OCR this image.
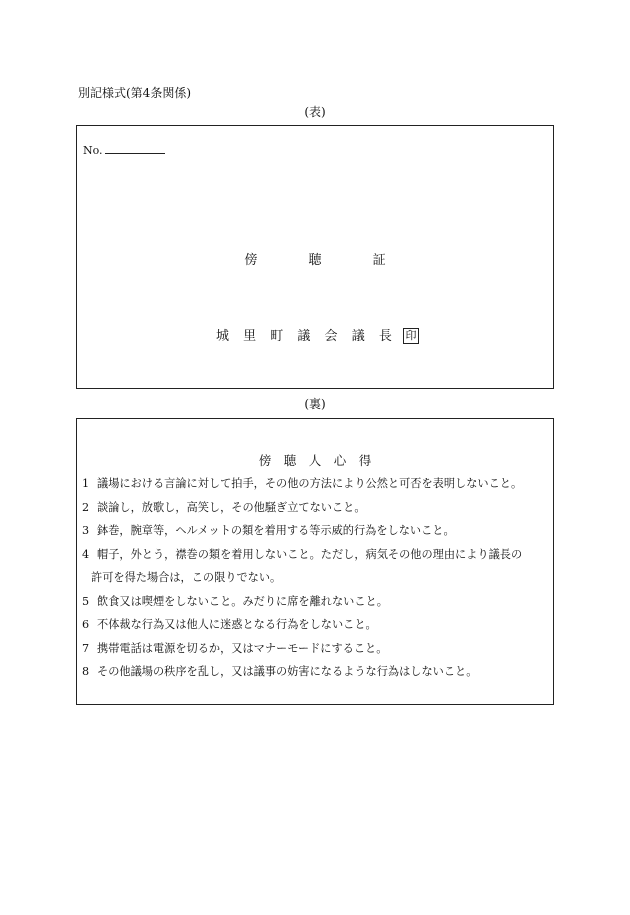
別記様式(第4条関係)
(表)
No.
傍	聴	証
城 里 町 議 会 議 長 印
(裏)
傍 聴 人 心 得
1 議場における言論に対して拍手，その他の方法により公然と可否を表明しないこと。
2 談論し，放歌し，高笑し，その他騒ぎ立てないこと。
3 鉢巻，腕章等，ヘルメットの類を着用する等示威的行為をしないこと。
4 帽子，外とう，襟巻の類を着用しないこと。ただし，病気その他の理由により議長の
許可を得た場合は，この限りでない。
5 飲食又は喫煙をしないこと。みだりに席を離れないこと。
6 不体裁な行為又は他人に迷惑となる行為をしないこと。
7 携帯電話は電源を切るか，又はマナーモードにすること。
8 その他議場の秩序を乱し，又は議事の妨害になるような行為はしないこと。
